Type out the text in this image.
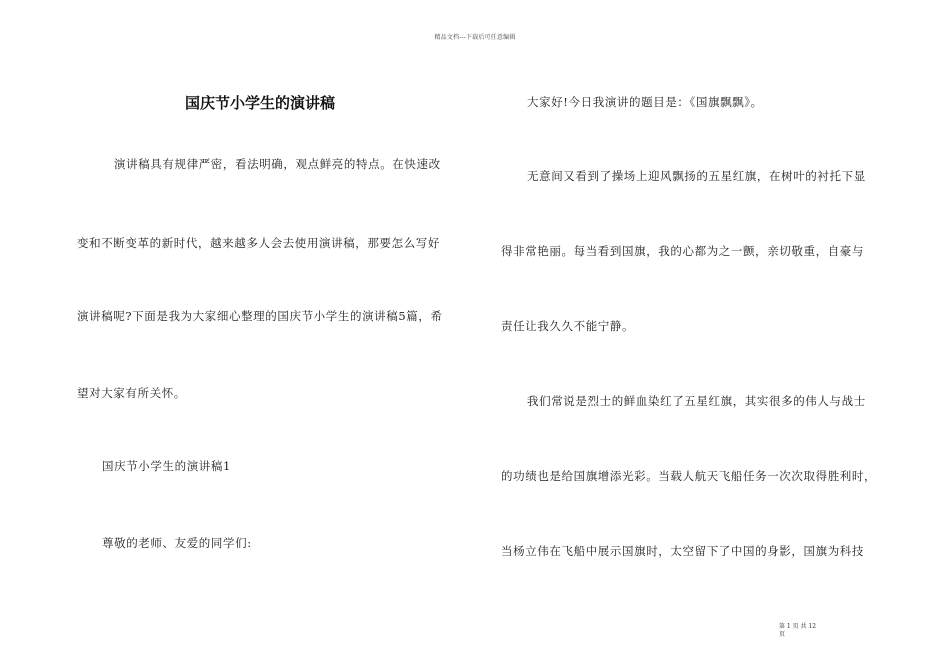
精品文档---下载后可任意编辑
国庆节小学生的演讲稿
演讲稿具有规律严密，看法明确，观点鲜亮的特点。在快速改
变和不断变革的新时代，越来越多人会去使用演讲稿，那要怎么写好
演讲稿呢?下面是我为大家细心整理的国庆节小学生的演讲稿5篇，希
望对大家有所关怀。
国庆节小学生的演讲稿1
尊敬的老师、友爱的同学们:
大家好!今日我演讲的题目是：《国旗飘飘》。
无意间又看到了操场上迎风飘扬的五星红旗，在树叶的衬托下显
得非常艳丽。每当看到国旗，我的心都为之一颤，亲切敬重，自豪与
责任让我久久不能宁静。
我们常说是烈士的鲜血染红了五星红旗，其实很多的伟人与战士
的功绩也是给国旗增添光彩。当载人航天飞船任务一次次取得胜利时，
当杨立伟在飞船中展示国旗时，太空留下了中国的身影，国旗为科技
第 1 页 共 12
页
